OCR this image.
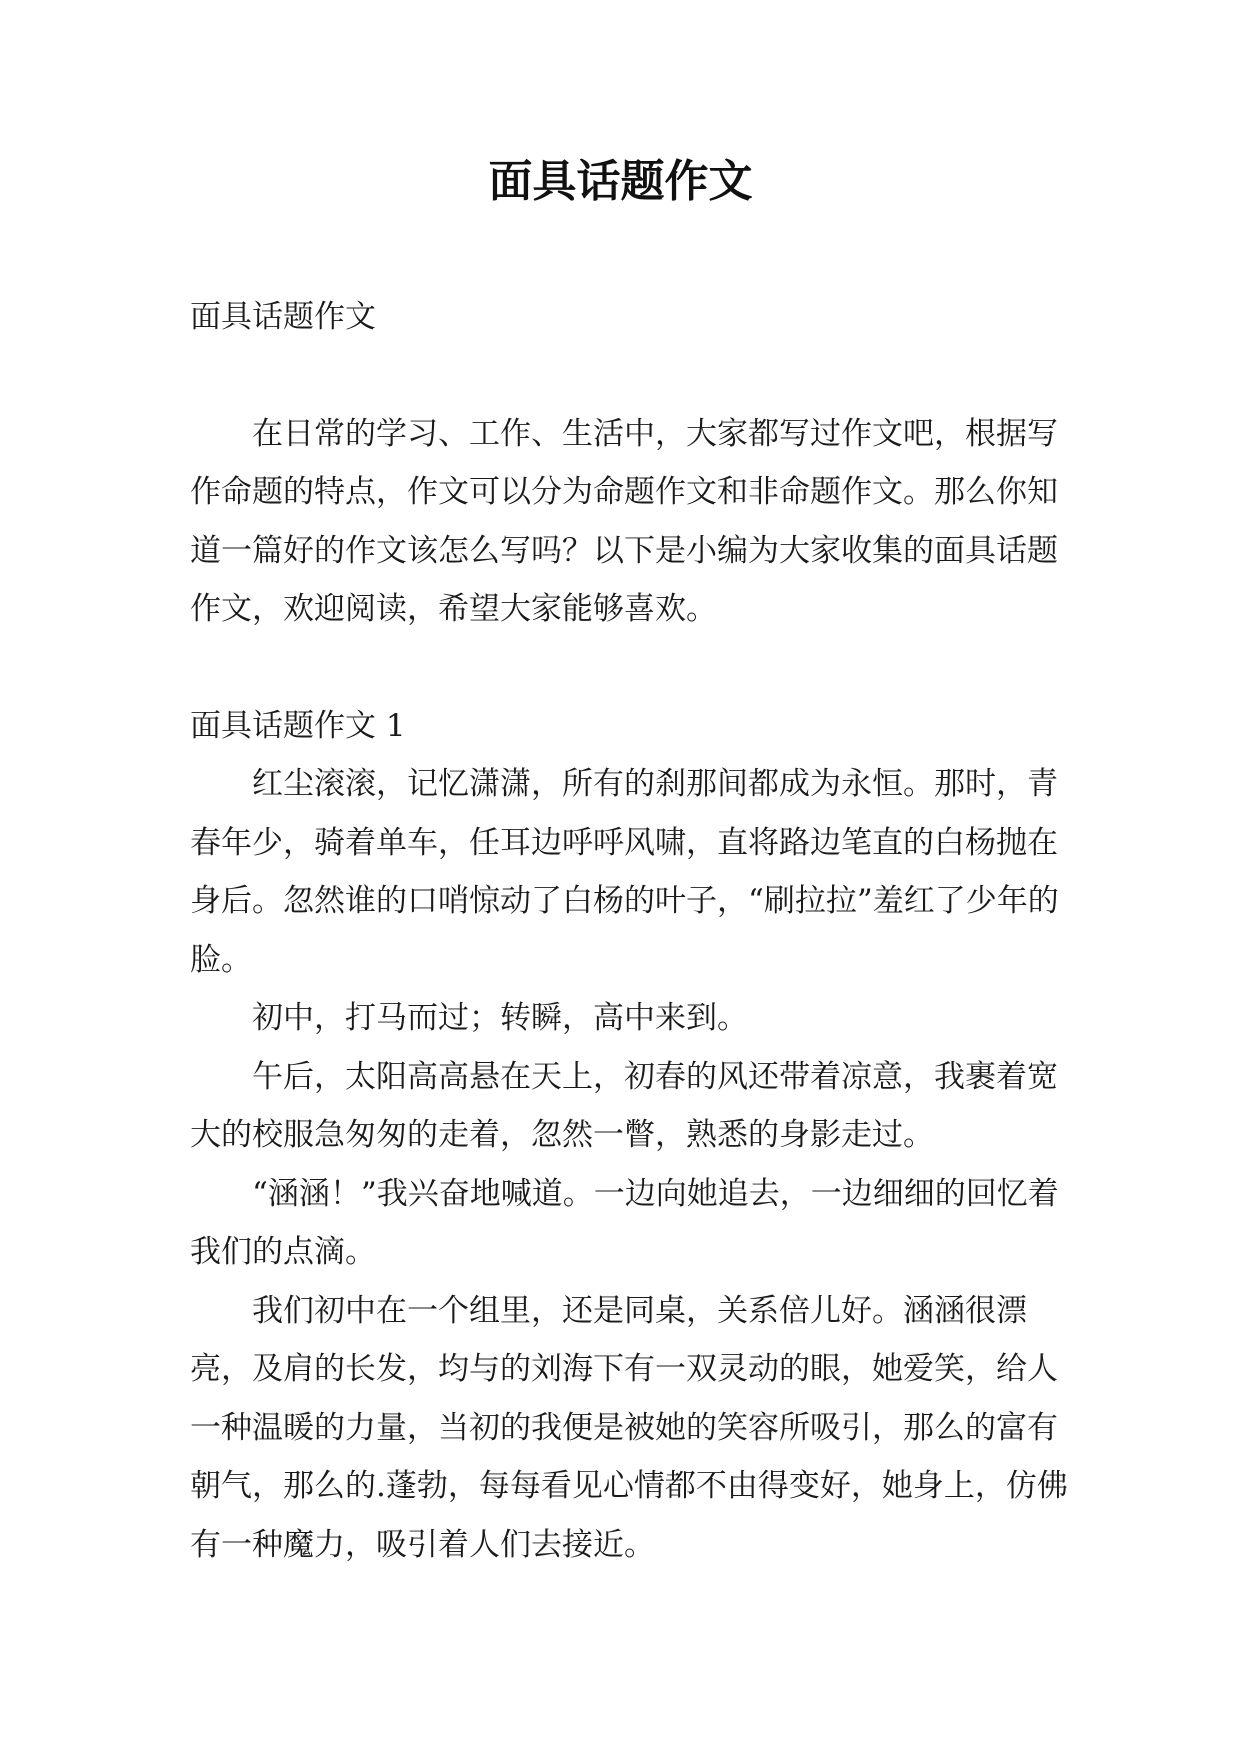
面具话题作文

面具话题作文

在日常的学习、工作、生活中，大家都写过作文吧，根据写作命题的特点，作文可以分为命题作文和非命题作文。那么你知道一篇好的作文该怎么写吗？以下是小编为大家收集的面具话题作文，欢迎阅读，希望大家能够喜欢。

面具话题作文 1

红尘滚滚，记忆潇潇，所有的刹那间都成为永恒。那时，青春年少，骑着单车，任耳边呼呼风啸，直将路边笔直的白杨抛在身后。忽然谁的口哨惊动了白杨的叶子，“刷拉拉”羞红了少年的脸。

初中，打马而过；转瞬，高中来到。

午后，太阳高高悬在天上，初春的风还带着凉意，我裹着宽大的校服急匆匆的走着，忽然一瞥，熟悉的身影走过。

“涵涵！”我兴奋地喊道。一边向她追去，一边细细的回忆着我们的点滴。

我们初中在一个组里，还是同桌，关系倍儿好。涵涵很漂亮，及肩的长发，均与的刘海下有一双灵动的眼，她爱笑，给人一种温暖的力量，当初的我便是被她的笑容所吸引，那么的富有朝气，那么的.蓬勃，每每看见心情都不由得变好，她身上，仿佛有一种魔力，吸引着人们去接近。
